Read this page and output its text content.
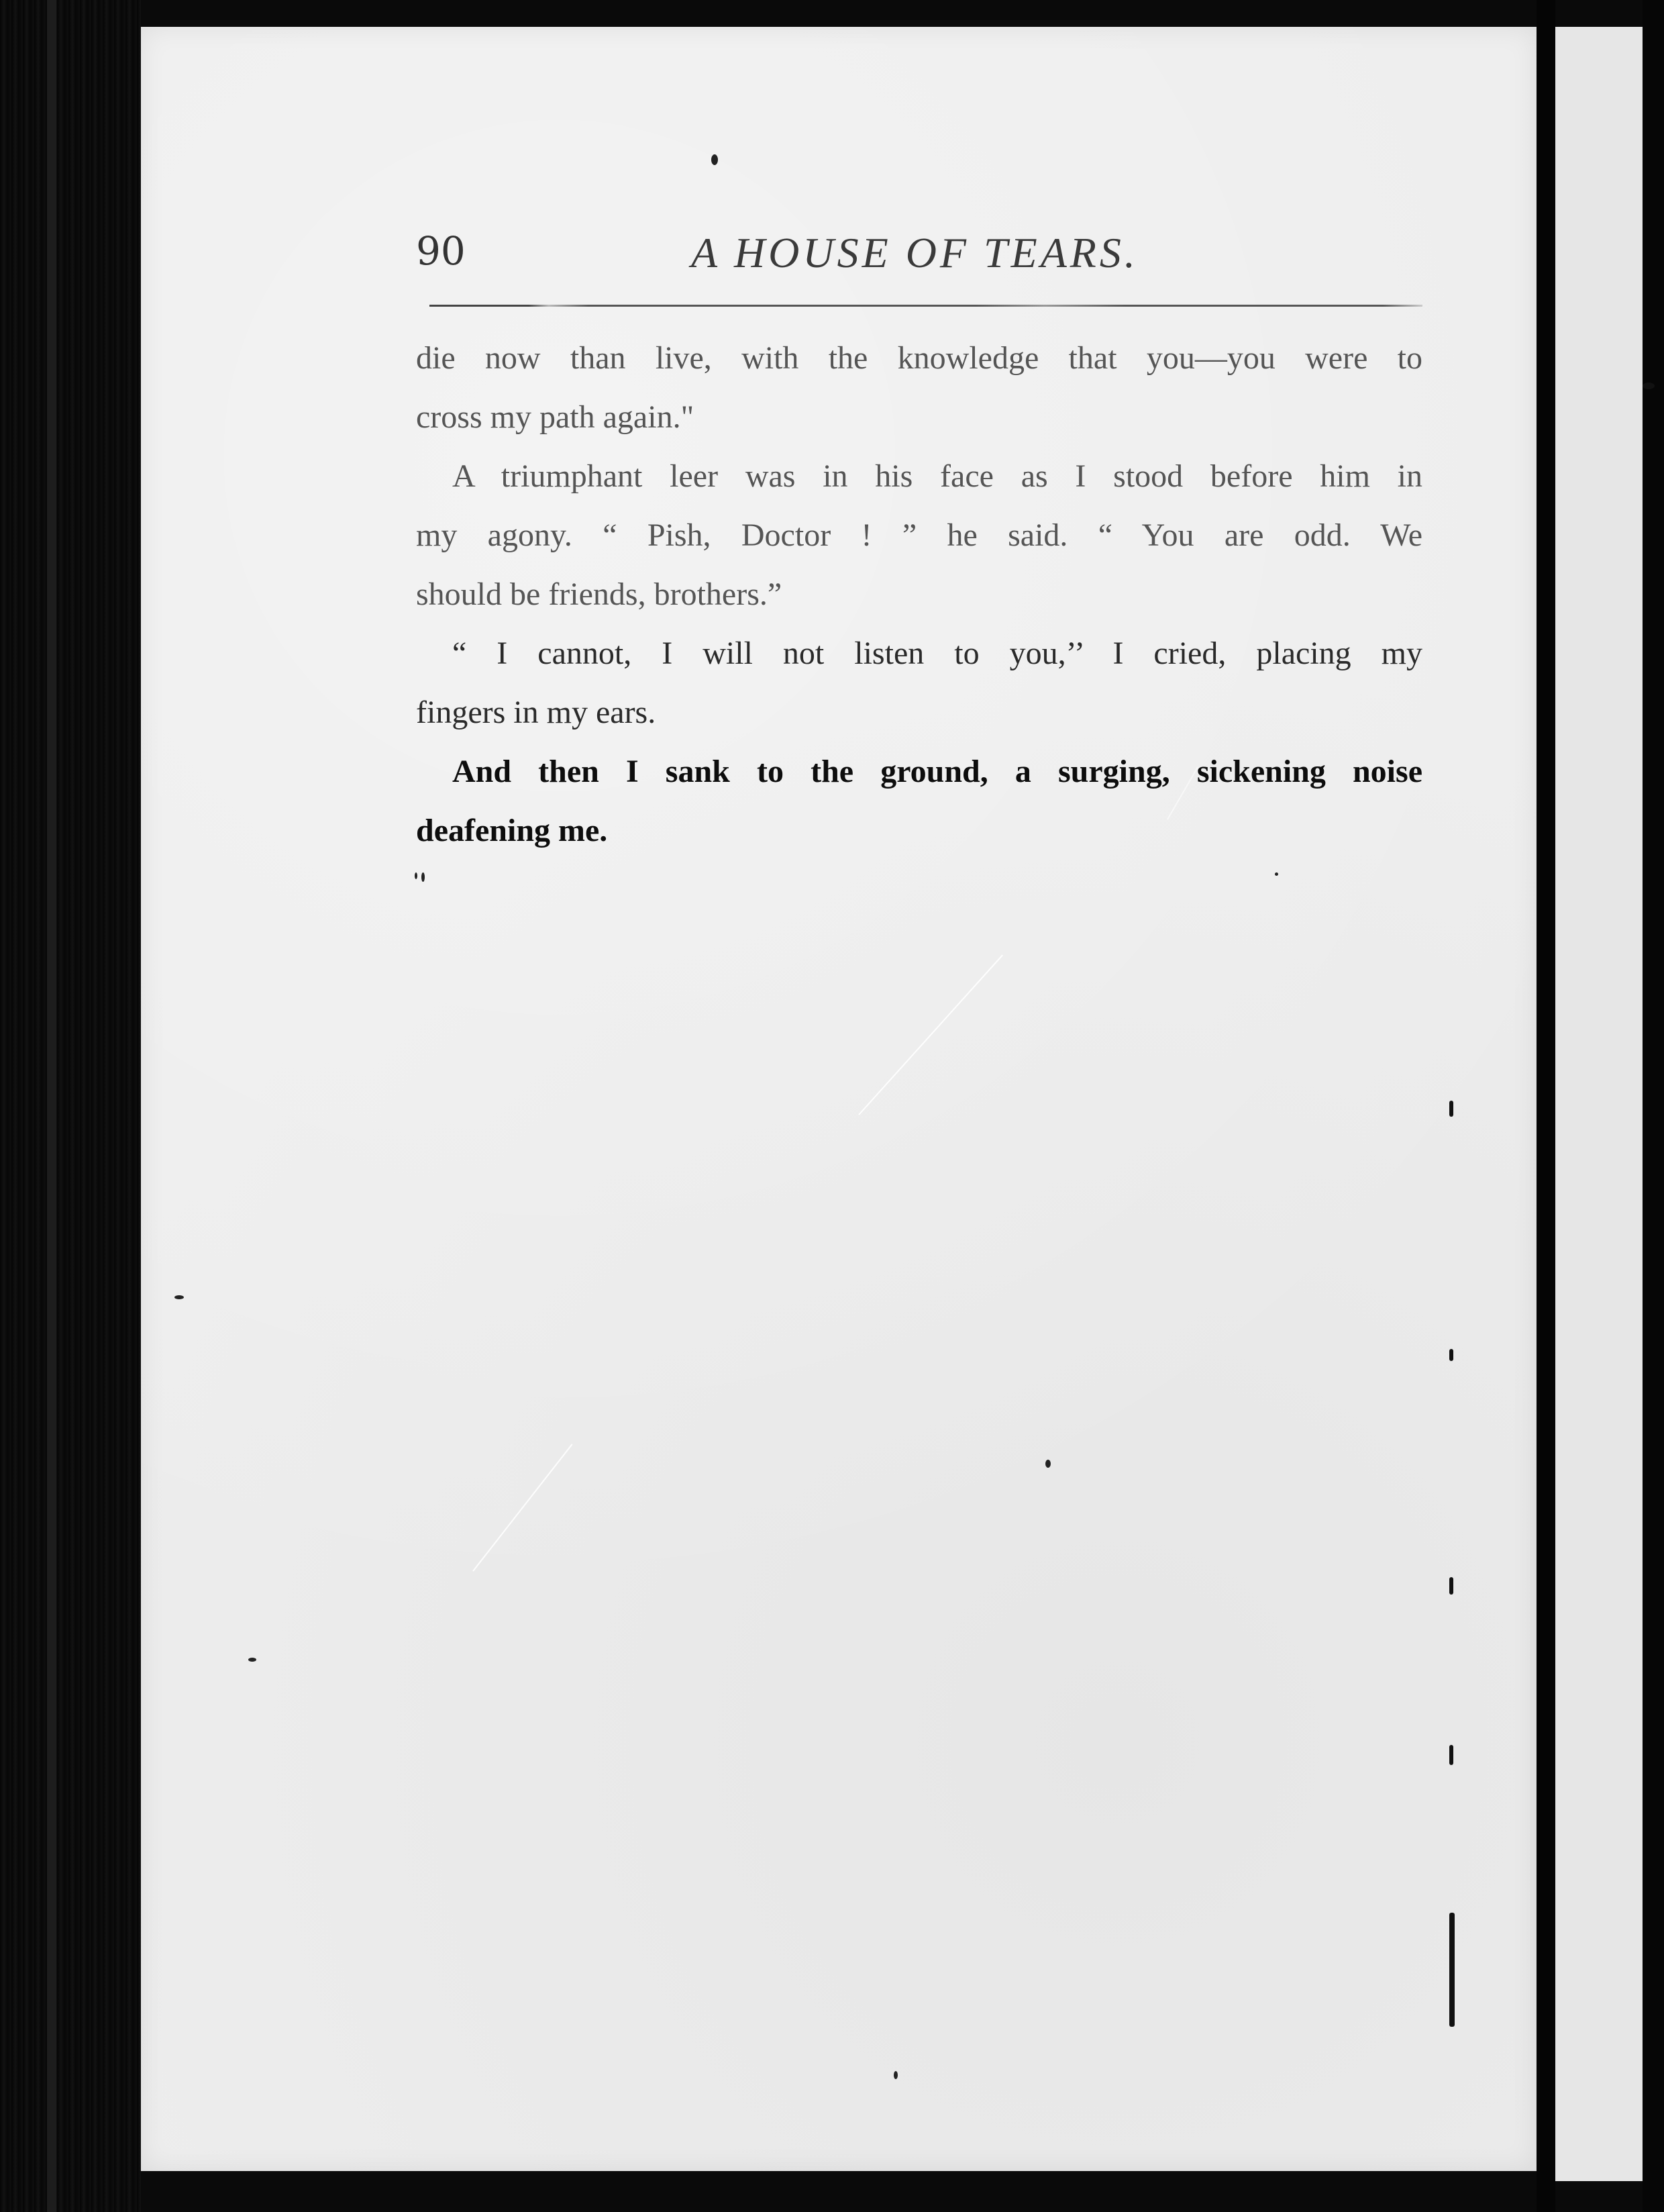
90	A HOUSE OF TEARS.
die now than live, with the knowledge that you—you were to
cross my path again."
A triumphant leer was in his face as I stood before him in
my agony. “ Pish, Doctor ! ” he said. “ You are odd. We
should be friends, brothers.”
“ I cannot, I will not listen to you,’’ I cried, placing my
fingers in my ears.
And then I sank to the ground, a surging, sickening noise
deafening me.
